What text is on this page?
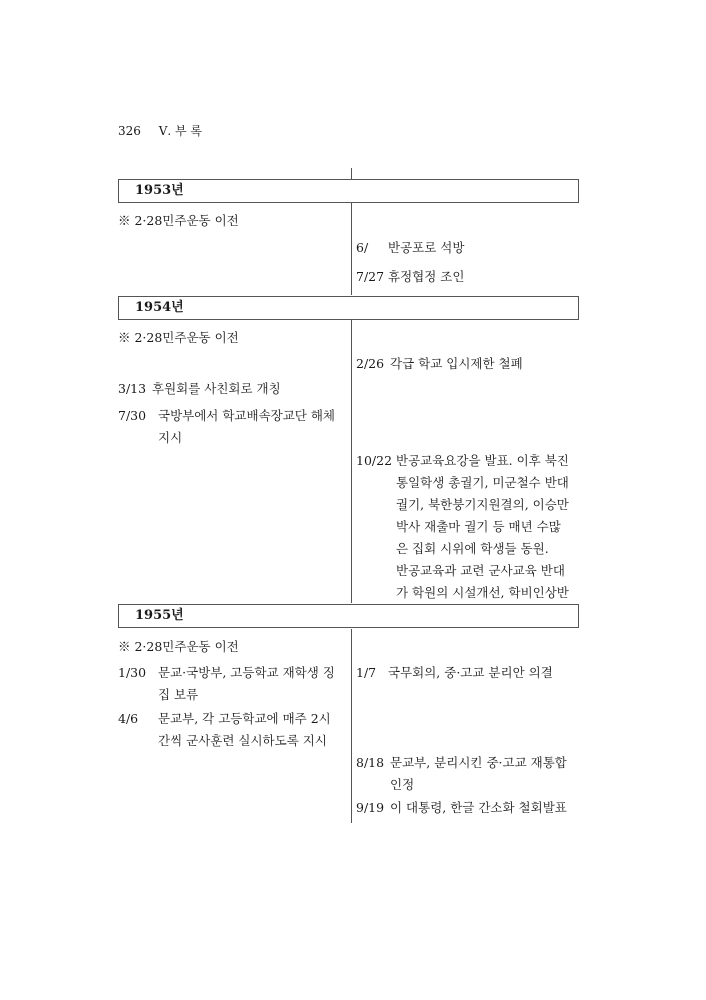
326 Ⅴ. 부 록
1953년
※ 2·28민주운동 이전
6/ 반공포로 석방
7/27 휴정협정 조인
1954년
※ 2·28민주운동 이전
2/26 각급 학교 입시제한 철폐
3/13 후원회를 사친회로 개칭
7/30 국방부에서 학교배속장교단 해체
지시
10/22 반공교육요강을 발표. 이후 북진
통일학생 총궐기, 미군철수 반대
궐기, 북한붕기지원결의, 이승만
박사 재출마 궐기 등 매년 수많
은 집회 시위에 학생들 동원.
반공교육과 교련 군사교육 반대
가 학원의 시설개선, 학비인상반
1955년
※ 2·28민주운동 이전
1/30 문교·국방부, 고등학교 재학생 징
집 보류
1/7 국무회의, 중·고교 분리안 의결
4/6 문교부, 각 고등학교에 매주 2시
간씩 군사훈련 실시하도록 지시
8/18 문교부, 분리시킨 중·고교 재통합
인정
9/19 이 대통령, 한글 간소화 철회발표
